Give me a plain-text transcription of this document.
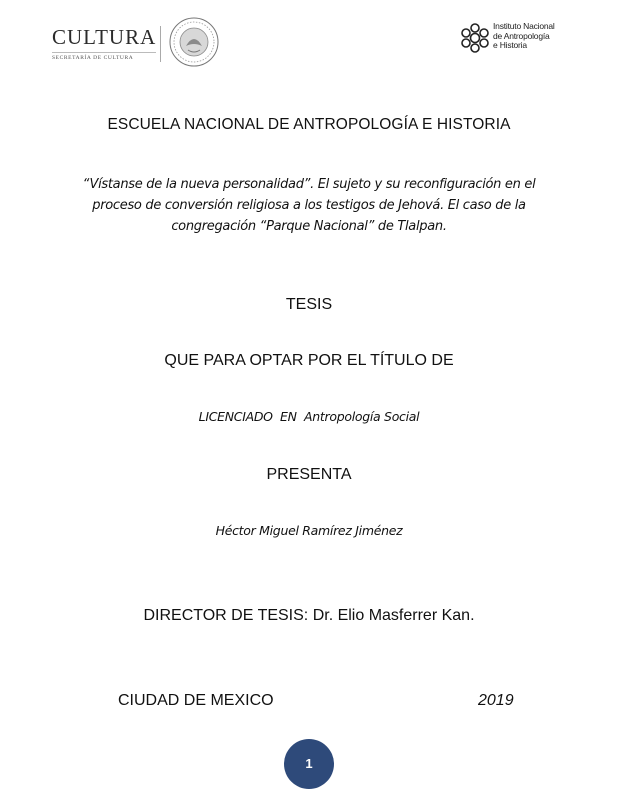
CULTURA
SECRETARÍA DE CULTURA
Instituto Nacional
de Antropología
e Historia
ESCUELA NACIONAL DE ANTROPOLOGÍA E HISTORIA
“Vístanse de la nueva personalidad”. El sujeto y su reconfiguración en el
proceso de conversión religiosa a los testigos de Jehová. El caso de la
congregación “Parque Nacional” de Tlalpan.
TESIS
QUE PARA OPTAR POR EL TÍTULO DE
LICENCIADO  EN  Antropología Social
PRESENTA
Héctor Miguel Ramírez Jiménez
DIRECTOR DE TESIS: Dr. Elio Masferrer Kan.
CIUDAD DE MEXICO	2019
1
